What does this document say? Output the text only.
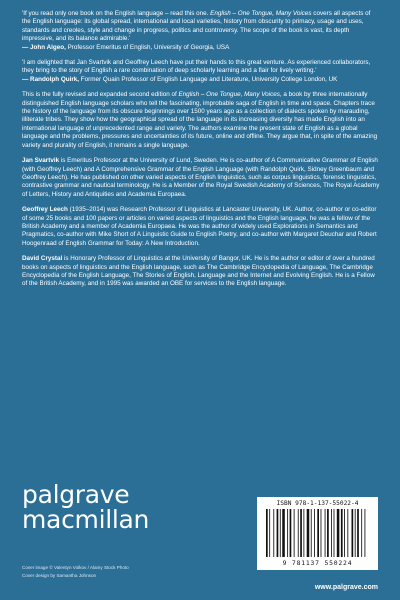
'If you read only one book on the English language – read this one. English – One Tongue, Many Voices covers all aspects of the English language: its global spread, international and local varieties, history from obscurity to primacy, usage and uses, standards and creoles, style and change in progress, politics and controversy. The scope of the book is vast, its depth impressive, and its balance admirable.'
— John Algeo, Professor Emeritus of English, University of Georgia, USA

'I am delighted that Jan Svartvik and Geoffrey Leech have put their hands to this great venture. As experienced collaborators, they bring to the story of English a rare combination of deep scholarly learning and a flair for lively writing.'
— Randolph Quirk, Former Quain Professor of English Language and Literature, University College London, UK

This is the fully revised and expanded second edition of English – One Tongue, Many Voices, a book by three internationally distinguished English language scholars who tell the fascinating, improbable saga of English in time and space. Chapters trace the history of the language from its obscure beginnings over 1500 years ago as a collection of dialects spoken by marauding, illiterate tribes. They show how the geographical spread of the language in its increasing diversity has made English into an international language of unprecedented range and variety. The authors examine the present state of English as a global language and the problems, pressures and uncertainties of its future, online and offline. They argue that, in spite of the amazing variety and plurality of English, it remains a single language.

Jan Svartvik is Emeritus Professor at the University of Lund, Sweden. He is co-author of A Communicative Grammar of English (with Geoffrey Leech) and A Comprehensive Grammar of the English Language (with Randolph Quirk, Sidney Greenbaum and Geoffrey Leech). He has published on other varied aspects of English linguistics, such as corpus linguistics, forensic linguistics, contrastive grammar and nautical terminology. He is a Member of the Royal Swedish Academy of Sciences, The Royal Academy of Letters, History and Antiquities and Academia Europaea.

Geoffrey Leech (1935–2014) was Research Professor of Linguistics at Lancaster University, UK. Author, co-author or co-editor of some 25 books and 100 papers or articles on varied aspects of linguistics and the English language, he was a fellow of the British Academy and a member of Academia Europaea. He was the author of widely used Explorations in Semantics and Pragmatics, co-author with Mike Short of A Linguistic Guide to English Poetry, and co-author with Margaret Deuchar and Robert Hoogenraad of English Grammar for Today: A New Introduction.

David Crystal is Honorary Professor of Linguistics at the University of Bangor, UK. He is the author or editor of over a hundred books on aspects of linguistics and the English language, such as The Cambridge Encyclopedia of Language, The Cambridge Encyclopedia of the English Language, The Stories of English, Language and the Internet and Evolving English. He is a Fellow of the British Academy, and in 1995 was awarded an OBE for services to the English language.

palgrave
macmillan
Cover image © Valentyn Volkov / Alamy Stock Photo
Cover design by Samantha Johnson
ISBN 978-1-137-55022-4
9 781137 550224
www.palgrave.com
